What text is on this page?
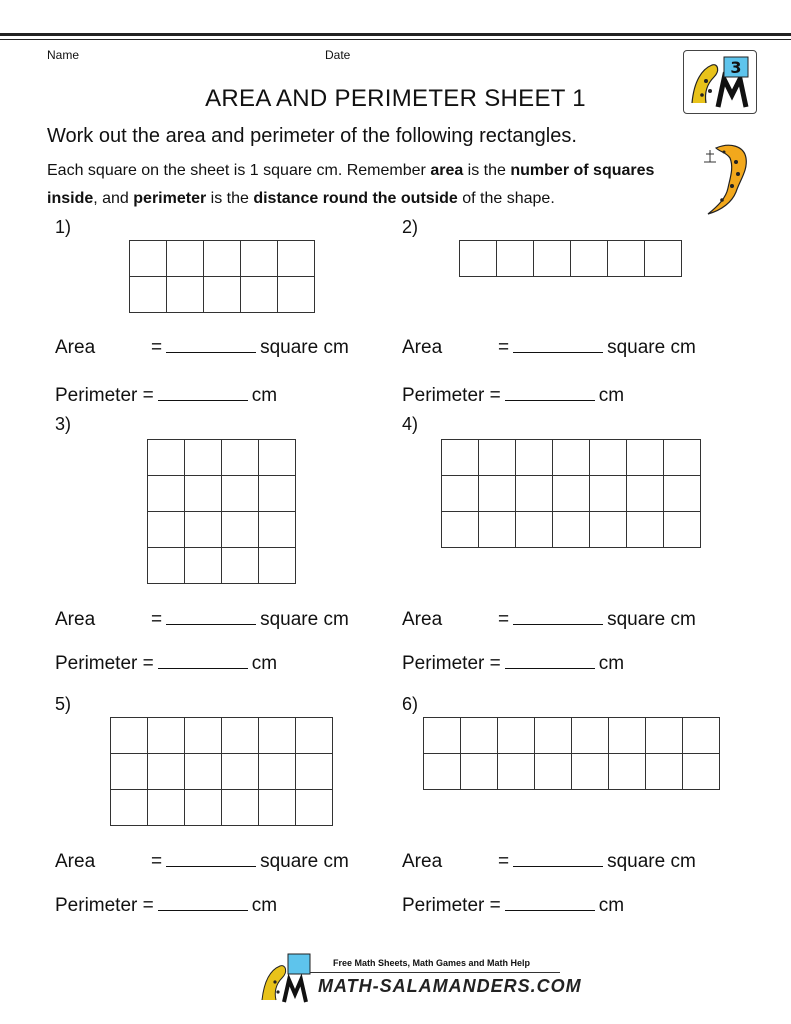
Name	Date
3
AREA AND PERIMETER SHEET 1
Work out the area and perimeter of the following rectangles.
Each square on the sheet is 1 square cm. Remember area is the number of squares inside, and perimeter is the distance round the outside of the shape.
1)	2)
3)	4)
5)	6)
Area	=	square cm
Perimeter =	cm
Area	=	square cm
Perimeter =	cm
Area	=	square cm
Perimeter =	cm
Area	=	square cm
Perimeter =	cm
Area	=	square cm
Perimeter =	cm
Area	=	square cm
Perimeter =	cm
Free Math Sheets, Math Games and Math Help
MATH-SALAMANDERS.COM
